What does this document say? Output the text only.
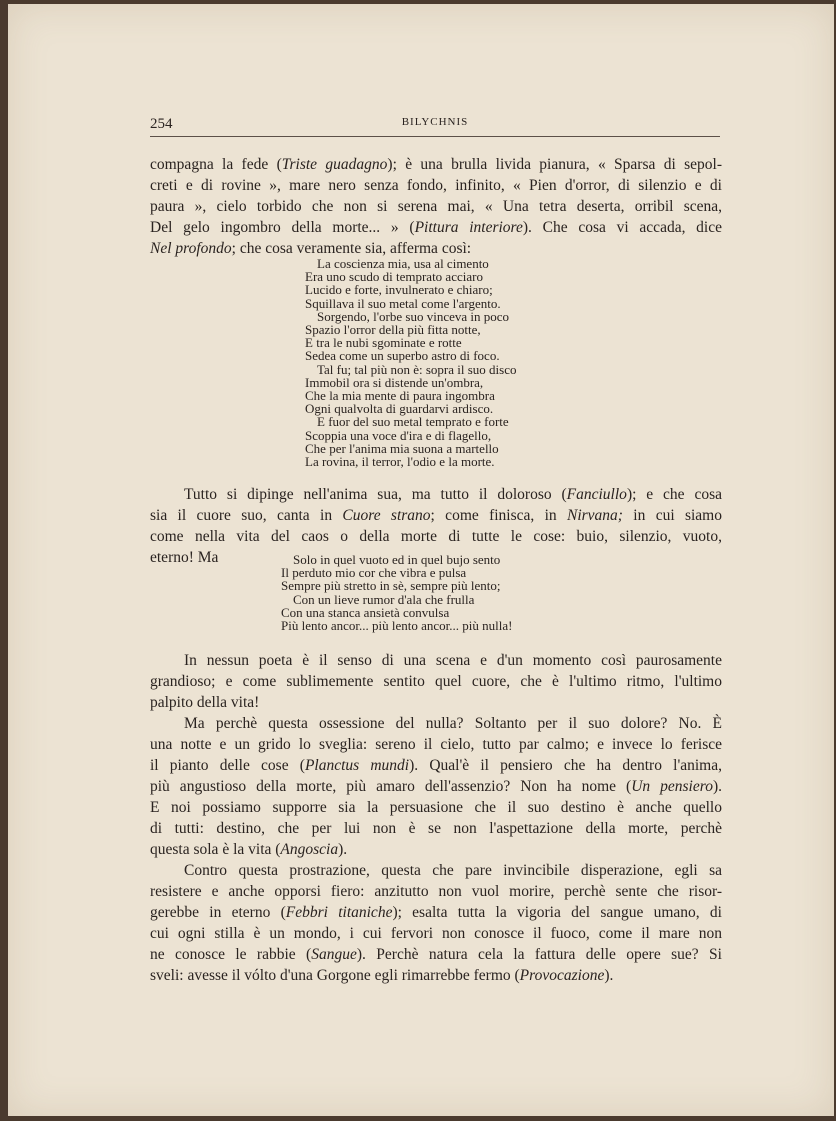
254	BILYCHNIS
compagna la fede (Triste guadagno); è una brulla livida pianura, « Sparsa di sepol-
creti e di rovine », mare nero senza fondo, infinito, « Pien d'orror, di silenzio e di
paura », cielo torbido che non si serena mai, « Una tetra deserta, orribil scena,
Del gelo ingombro della morte... » (Pittura interiore). Che cosa vi accada, dice
Nel profondo; che cosa veramente sia, afferma così:
La coscienza mia, usa al cimento
Era uno scudo di temprato acciaro
Lucido e forte, invulnerato e chiaro;
Squillava il suo metal come l'argento.
Sorgendo, l'orbe suo vinceva in poco
Spazio l'orror della più fitta notte,
E tra le nubi sgominate e rotte
Sedea come un superbo astro di foco.
Tal fu; tal più non è: sopra il suo disco
Immobil ora si distende un'ombra,
Che la mia mente di paura ingombra
Ogni qualvolta di guardarvi ardisco.
E fuor del suo metal temprato e forte
Scoppia una voce d'ira e di flagello,
Che per l'anima mia suona a martello
La rovina, il terror, l'odio e la morte.
Tutto si dipinge nell'anima sua, ma tutto il doloroso (Fanciullo); e che cosa
sia il cuore suo, canta in Cuore strano; come finisca, in Nirvana; in cui siamo
come nella vita del caos o della morte di tutte le cose: buio, silenzio, vuoto,
eterno! Ma	Solo in quel vuoto ed in quel bujo sento
Il perduto mio cor che vibra e pulsa
Sempre più stretto in sè, sempre più lento;
Con un lieve rumor d'ala che frulla
Con una stanca ansietà convulsa
Più lento ancor... più lento ancor... più nulla!
In nessun poeta è il senso di una scena e d'un momento così paurosamente
grandioso; e come sublimemente sentito quel cuore, che è l'ultimo ritmo, l'ultimo
palpito della vita!
Ma perchè questa ossessione del nulla? Soltanto per il suo dolore? No. È
una notte e un grido lo sveglia: sereno il cielo, tutto par calmo; e invece lo ferisce
il pianto delle cose (Planctus mundi). Qual'è il pensiero che ha dentro l'anima,
più angustioso della morte, più amaro dell'assenzio? Non ha nome (Un pensiero).
E noi possiamo supporre sia la persuasione che il suo destino è anche quello
di tutti: destino, che per lui non è se non l'aspettazione della morte, perchè
questa sola è la vita (Angoscia).
Contro questa prostrazione, questa che pare invincibile disperazione, egli sa
resistere e anche opporsi fiero: anzitutto non vuol morire, perchè sente che risor-
gerebbe in eterno (Febbri titaniche); esalta tutta la vigoria del sangue umano, di
cui ogni stilla è un mondo, i cui fervori non conosce il fuoco, come il mare non
ne conosce le rabbie (Sangue). Perchè natura cela la fattura delle opere sue? Si
sveli: avesse il vólto d'una Gorgone egli rimarrebbe fermo (Provocazione).
